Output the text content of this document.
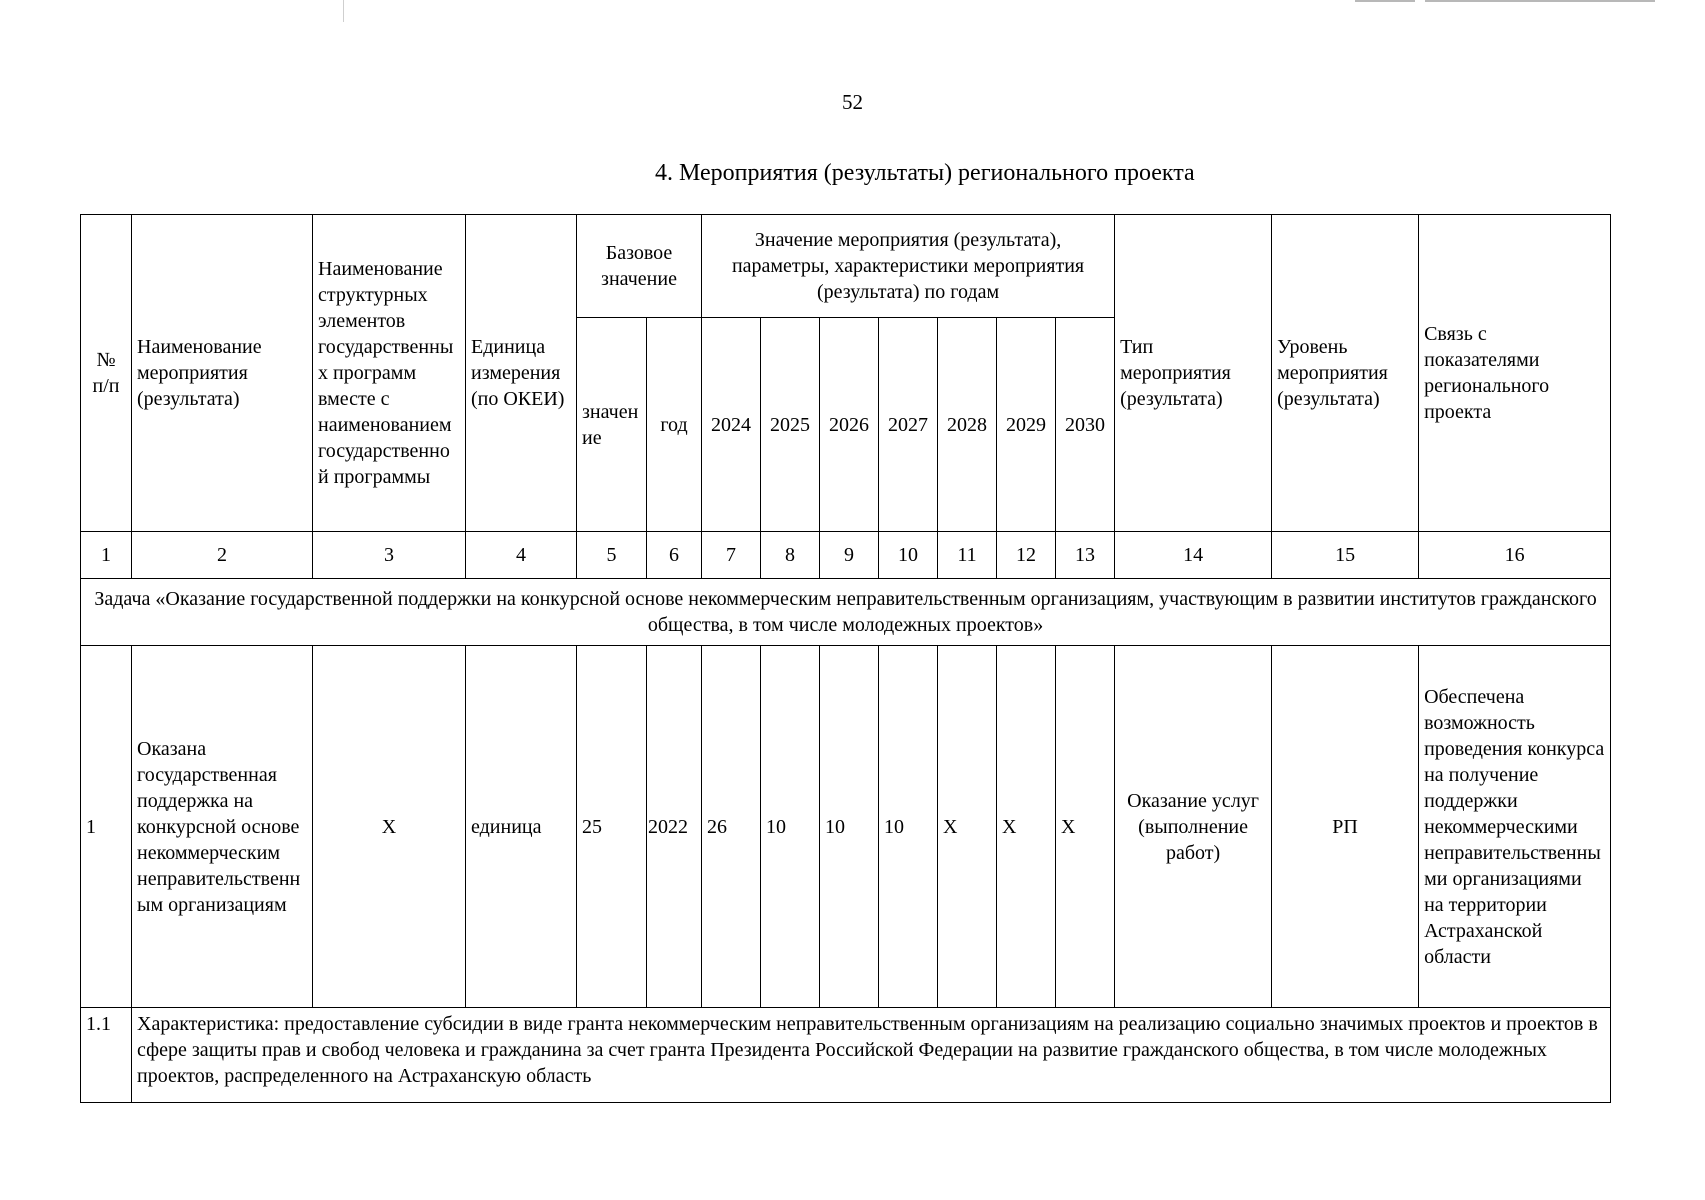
52
4. Мероприятия (результаты) регионального проекта
№ п/п	Наименование мероприятия (результата)	Наименование структурных элементов государственных программ вместе с наименованием государственной программы	Единица измерения (по ОКЕИ)	Базовое значение		Значение мероприятия (результата), параметры, характеристики мероприятия (результата) по годам							Тип мероприятия (результата)	Уровень мероприятия (результата)	Связь с показателями регионального проекта
				значение	год	2024	2025	2026	2027	2028	2029	2030			
1	2	3	4	5	6	7	8	9	10	11	12	13	14	15	16
Задача «Оказание государственной поддержки на конкурсной основе некоммерческим неправительственным организациям, участвующим в развитии институтов гражданского общества, в том числе молодежных проектов»															
1	Оказана государственная поддержка на конкурсной основе некоммерческим неправительственным организациям	Х	единица	25	2022	26	10	10	10	Х	Х	Х	Оказание услуг (выполнение работ)	РП	Обеспечена возможность проведения конкурса на получение поддержки некоммерческими неправительственными организациями на территории Астраханской области
1.1	Характеристика: предоставление субсидии в виде гранта некоммерческим неправительственным организациям на реализацию социально значимых проектов и проектов в сфере защиты прав и свобод человека и гражданина за счет гранта Президента Российской Федерации на развитие гражданского общества, в том числе молодежных проектов, распределенного на Астраханскую область														
